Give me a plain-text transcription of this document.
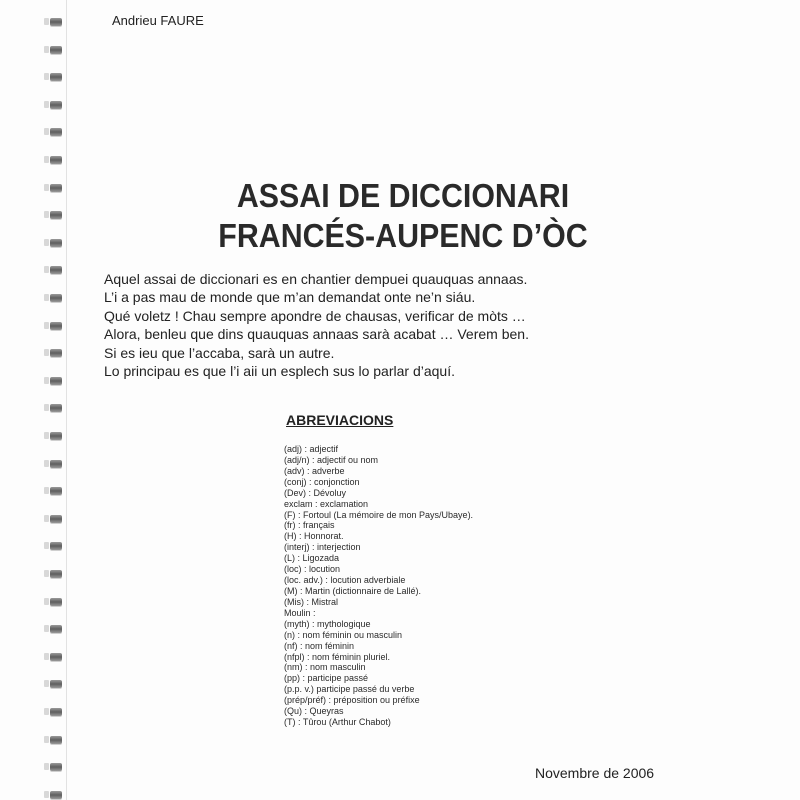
Andrieu FAURE
ASSAI DE DICCIONARI
FRANCÉS-AUPENC D’ÒC
Aquel assai de diccionari es en chantier dempuei quauquas annaas.
L’i a pas mau de monde que m’an demandat onte ne’n siáu.
Qué voletz ! Chau sempre apondre de chausas, verificar de mòts …
Alora, benleu que dins quauquas annaas sarà acabat … Verem ben.
Si es ieu que l’accaba, sarà un autre.
Lo principau es que l’i aii un esplech sus lo parlar d’aquí.
ABREVIACIONS
(adj) : adjectif
(adj/n) : adjectif ou nom
(adv) : adverbe
(conj) : conjonction
(Dev) : Dévoluy
exclam : exclamation
(F) : Fortoul (La mémoire de mon Pays/Ubaye).
(fr) : français
(H) : Honnorat.
(interj) : interjection
(L) : Ligozada
(loc) : locution
(loc. adv.) : locution adverbiale
(M) : Martin (dictionnaire de Lallé).
(Mis) : Mistral
Moulin :
(myth) : mythologique
(n) : nom féminin ou masculin
(nf) : nom féminin
(nfpl) : nom féminin pluriel.
(nm) : nom masculin
(pp) : participe passé
(p.p. v.) participe passé du verbe
(prép/préf) : préposition ou préfixe
(Qu) : Queyras
(T) : Tûrou (Arthur Chabot)
Novembre de 2006
